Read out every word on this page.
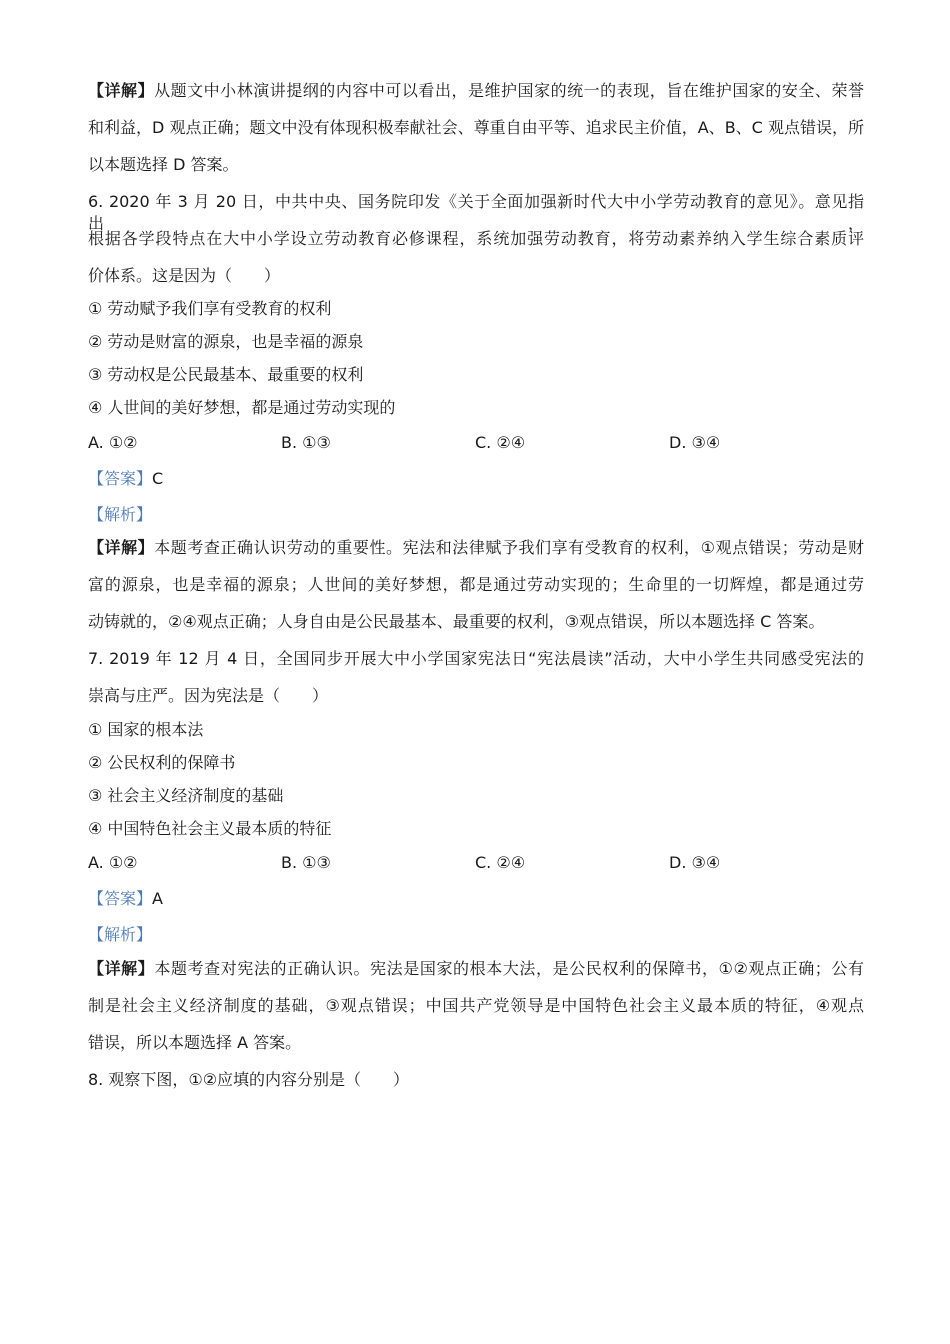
【详解】从题文中小林演讲提纲的内容中可以看出，是维护国家的统一的表现，旨在维护国家的安全、荣誉
和利益，D 观点正确；题文中没有体现积极奉献社会、尊重自由平等、追求民主价值，A、B、C 观点错误，所
以本题选择 D 答案。
6. 2020 年 3 月 20 日，中共中央、国务院印发《关于全面加强新时代大中小学劳动教育的意见》。意见指出，
根据各学段特点在大中小学设立劳动教育必修课程，系统加强劳动教育，将劳动素养纳入学生综合素质评
价体系。这是因为（　　）
① 劳动赋予我们享有受教育的权利
② 劳动是财富的源泉，也是幸福的源泉
③ 劳动权是公民最基本、最重要的权利
④ 人世间的美好梦想，都是通过劳动实现的
A. ①②	B. ①③	C. ②④	D. ③④
【答案】C
【解析】
【详解】本题考查正确认识劳动的重要性。宪法和法律赋予我们享有受教育的权利，①观点错误；劳动是财
富的源泉，也是幸福的源泉；人世间的美好梦想，都是通过劳动实现的；生命里的一切辉煌，都是通过劳
动铸就的，②④观点正确；人身自由是公民最基本、最重要的权利，③观点错误，所以本题选择 C 答案。
7. 2019 年 12 月 4 日，全国同步开展大中小学国家宪法日“宪法晨读”活动，大中小学生共同感受宪法的
崇高与庄严。因为宪法是（　　）
① 国家的根本法
② 公民权利的保障书
③ 社会主义经济制度的基础
④ 中国特色社会主义最本质的特征
A. ①②	B. ①③	C. ②④	D. ③④
【答案】A
【解析】
【详解】本题考查对宪法的正确认识。宪法是国家的根本大法，是公民权利的保障书，①②观点正确；公有
制是社会主义经济制度的基础，③观点错误；中国共产党领导是中国特色社会主义最本质的特征，④观点
错误，所以本题选择 A 答案。
8. 观察下图，①②应填的内容分别是（　　）
